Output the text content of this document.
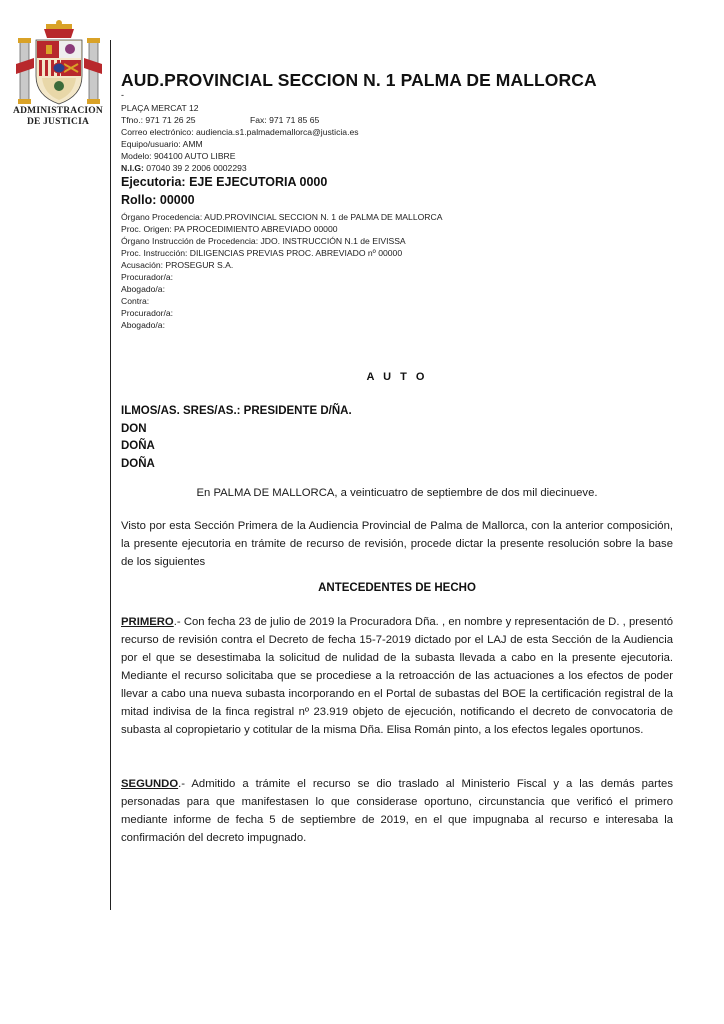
ADMINISTRACION
DE JUSTICIA
AUD.PROVINCIAL SECCION N. 1 PALMA DE MALLORCA
-
PLAÇA MERCAT 12
Tfno.: 971 71 26 25	Fax: 971 71 85 65
Correo electrónico: audiencia.s1.palmademallorca@justicia.es
Equipo/usuario: AMM
Modelo: 904100 AUTO LIBRE
N.I.G: 07040 39 2 2006 0002293
Ejecutoria: EJE EJECUTORIA 0000
Rollo: 00000
Órgano Procedencia: AUD.PROVINCIAL SECCION N. 1 de PALMA DE MALLORCA
Proc. Origen: PA PROCEDIMIENTO ABREVIADO 00000
Órgano Instrucción de Procedencia: JDO. INSTRUCCIÓN N.1 de EIVISSA
Proc. Instrucción: DILIGENCIAS PREVIAS PROC. ABREVIADO nº 00000
Acusación: PROSEGUR S.A.
Procurador/a:
Abogado/a:
Contra:
Procurador/a:
Abogado/a:
A U T O
ILMOS/AS. SRES/AS.: PRESIDENTE D/ÑA.
DON
DOÑA
DOÑA
En PALMA DE MALLORCA, a veinticuatro de septiembre de dos mil diecinueve.
Visto por esta Sección Primera de la Audiencia Provincial de Palma de Mallorca, con la anterior composición, la presente ejecutoria en trámite de recurso de revisión, procede dictar la presente resolución sobre la base de los siguientes
ANTECEDENTES DE HECHO
PRIMERO.- Con fecha 23 de julio de 2019 la Procuradora Dña. , en nombre y representación de D. , presentó recurso de revisión contra el Decreto de fecha 15-7-2019 dictado por el LAJ de esta Sección de la Audiencia por el que se desestimaba la solicitud de nulidad de la subasta llevada a cabo en la presente ejecutoria. Mediante el recurso solicitaba que se procediese a la retroacción de las actuaciones a los efectos de poder llevar a cabo una nueva subasta incorporando en el Portal de subastas del BOE la certificación registral de la mitad indivisa de la finca registral nº 23.919 objeto de ejecución, notificando el decreto de convocatoria de subasta al copropietario y cotitular de la misma Dña. Elisa Román pinto, a los efectos legales oportunos.
SEGUNDO.- Admitido a trámite el recurso se dio traslado al Ministerio Fiscal y a las demás partes personadas para que manifestasen lo que considerase oportuno, circunstancia que verificó el primero mediante informe de fecha 5 de septiembre de 2019, en el que impugnaba al recurso e interesaba la confirmación del decreto impugnado.
